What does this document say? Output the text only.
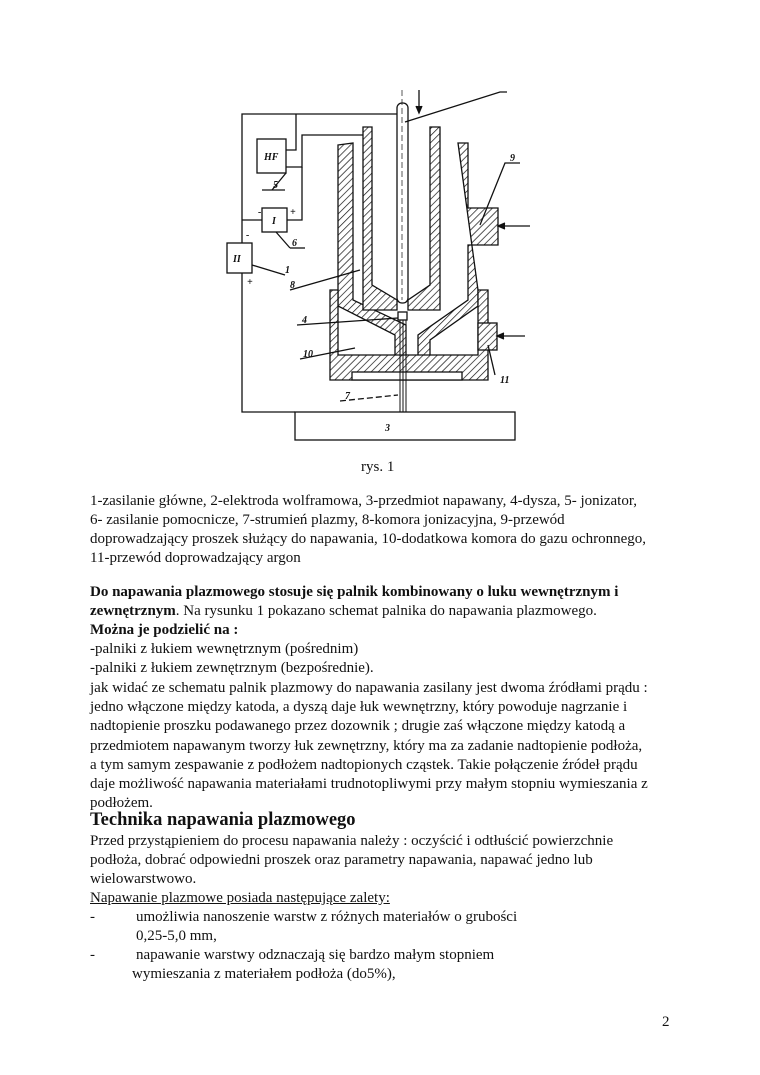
HF
I
II
5
6
1
8
4
10
7
3
9
11
+
+
-
-
rys. 1
1-zasilanie główne, 2-elektroda wolframowa, 3-przedmiot napawany, 4-dysza, 5- jonizator,
6- zasilanie pomocnicze, 7-strumień plazmy, 8-komora jonizacyjna, 9-przewód
doprowadzający proszek służący do napawania, 10-dodatkowa komora do gazu ochronnego,
11-przewód doprowadzający argon
Do napawania plazmowego stosuje się palnik kombinowany o luku wewnętrznym i
zewnętrznym. Na rysunku 1 pokazano schemat palnika do napawania plazmowego.
Można je podzielić na :
-palniki z łukiem wewnętrznym (pośrednim)
-palniki z łukiem zewnętrznym (bezpośrednie).
jak widać ze schematu palnik plazmowy do napawania zasilany jest dwoma źródłami prądu :
jedno włączone między katoda, a dyszą daje łuk wewnętrzny, który powoduje nagrzanie i
nadtopienie proszku podawanego przez dozownik ; drugie zaś włączone między katodą a
przedmiotem napawanym tworzy łuk zewnętrzny, który ma za zadanie nadtopienie podłoża,
a tym samym zespawanie z podłożem nadtopionych cząstek. Takie połączenie źródeł prądu
daje możliwość napawania materiałami trudnotopliwymi przy małym stopniu wymieszania z
podłożem.
Technika napawania plazmowego
Przed przystąpieniem do procesu napawania należy : oczyścić i odtłuścić powierzchnie
podłoża, dobrać odpowiedni proszek oraz parametry napawania, napawać jedno lub
wielowarstwowo.
Napawanie plazmowe posiada następujące zalety:
-	umożliwia nanoszenie warstw z różnych materiałów o grubości
0,25-5,0 mm,
-	napawanie warstwy odznaczają się bardzo małym stopniem
wymieszania z materiałem podłoża (do5%),
2
